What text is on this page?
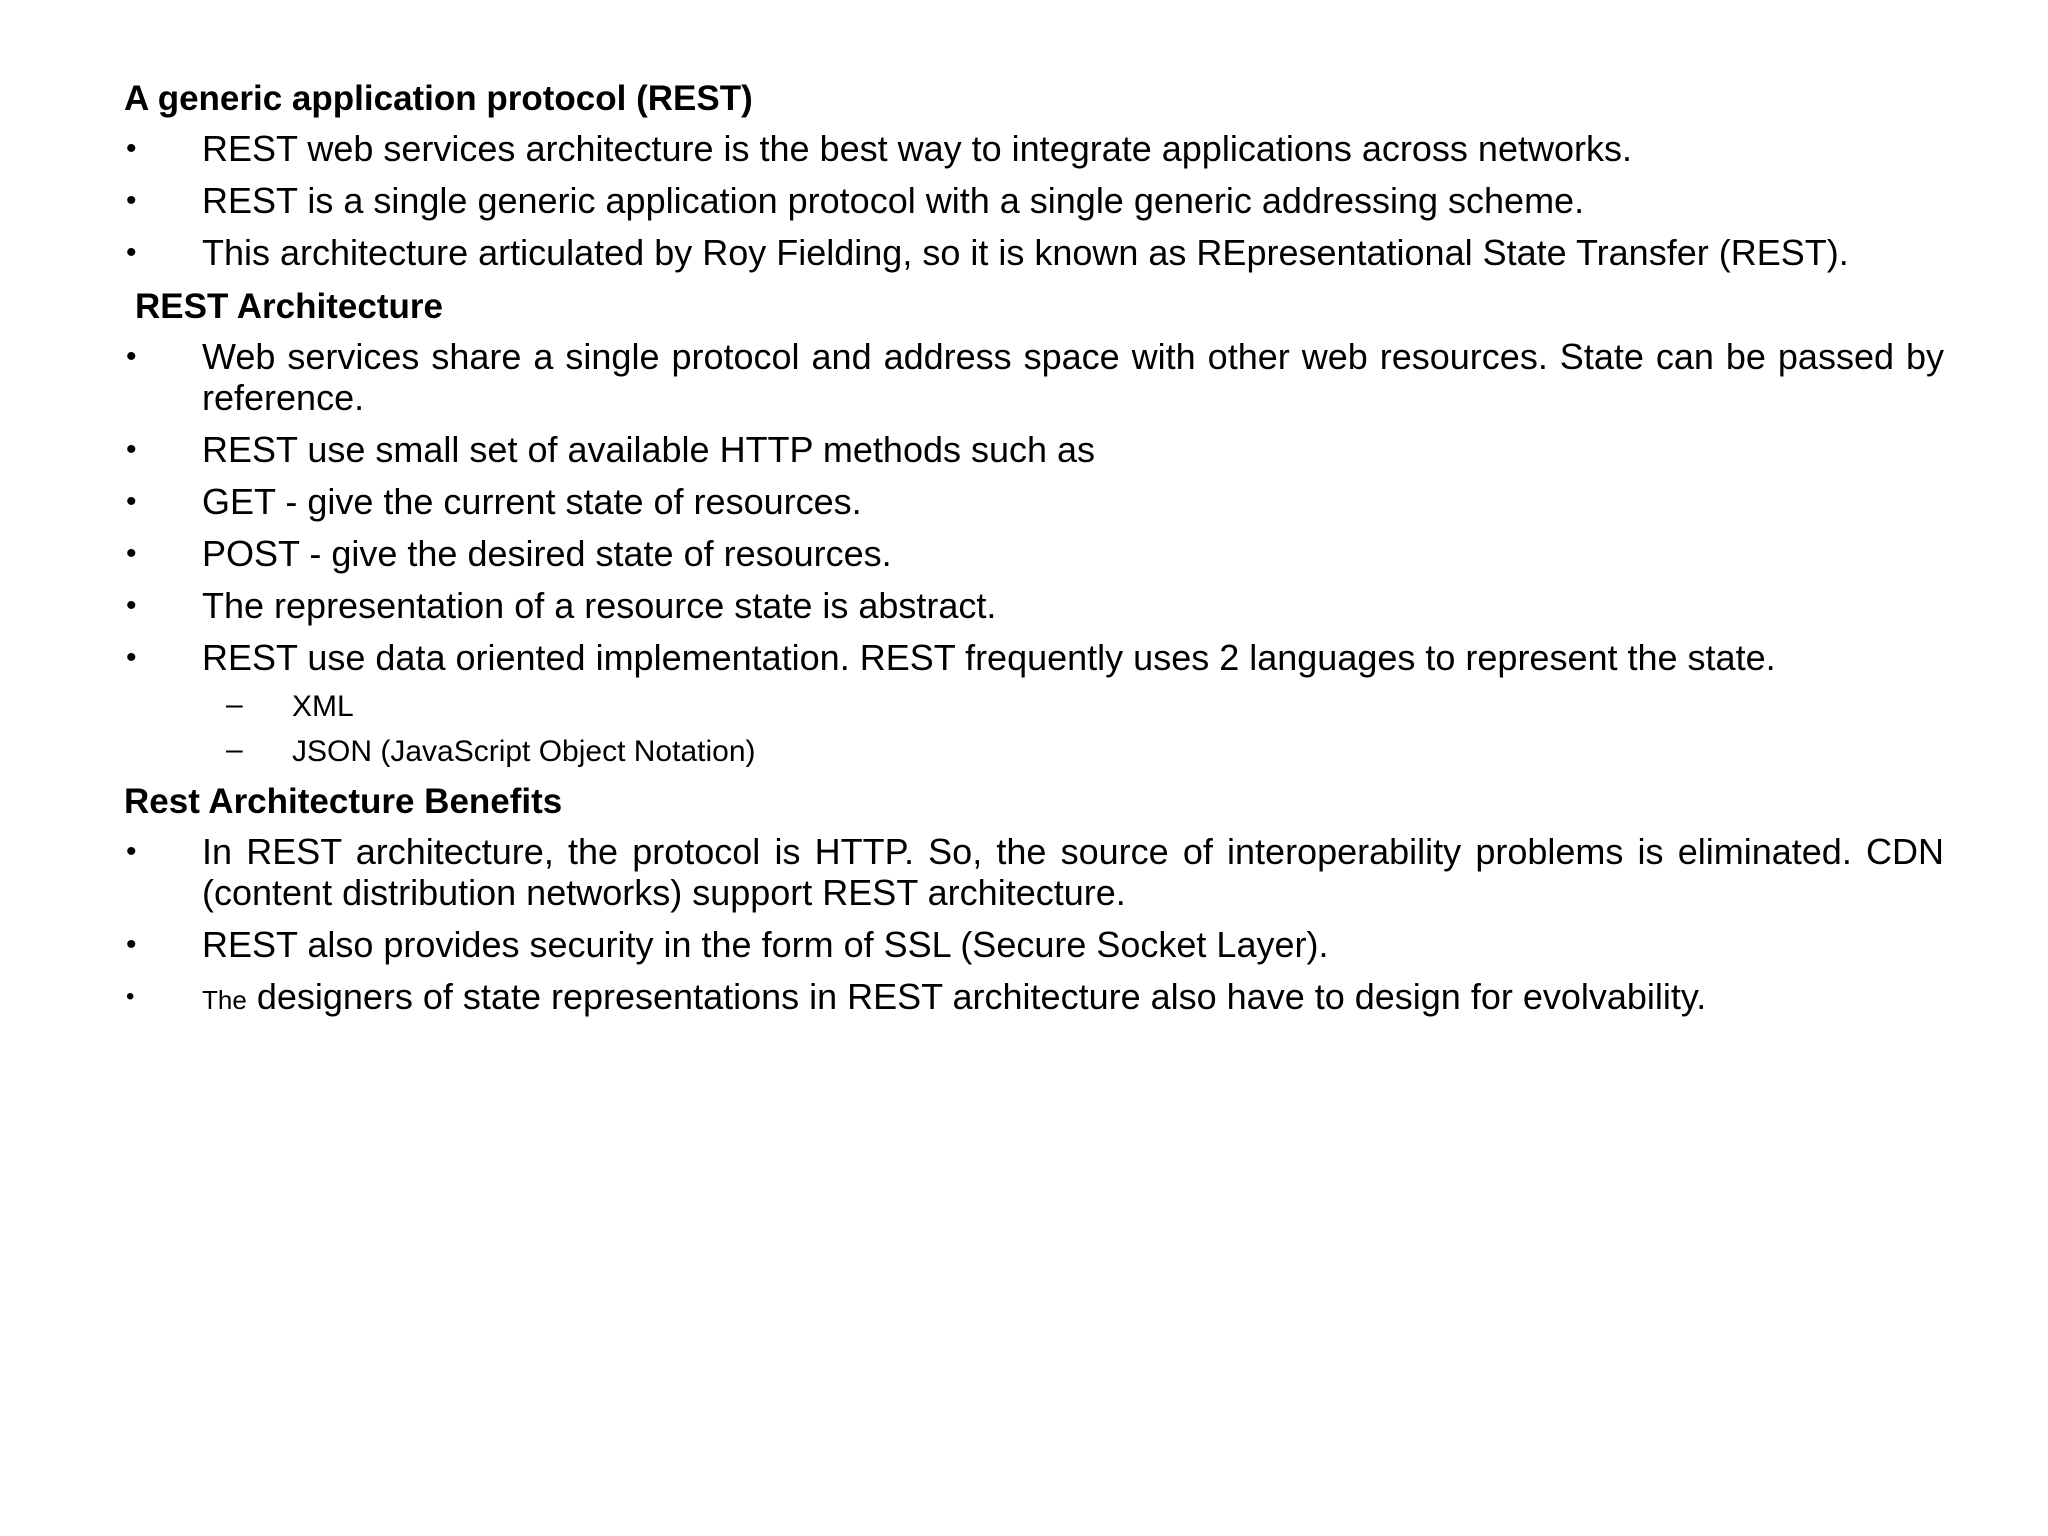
A generic application protocol (REST)
• REST web services architecture is the best way to integrate applications across networks.
• REST is a single generic application protocol with a single generic addressing scheme.
• This architecture articulated by Roy Fielding, so it is known as REpresentational State Transfer (REST).
REST Architecture
• Web services share a single protocol and address space with other web resources. State can be passed by reference.
• REST use small set of available HTTP methods such as
• GET - give the current state of resources.
• POST - give the desired state of resources.
• The representation of a resource state is abstract.
• REST use data oriented implementation. REST frequently uses 2 languages to represent the state.
– XML
– JSON (JavaScript Object Notation)
Rest Architecture Benefits
• In REST architecture, the protocol is HTTP. So, the source of interoperability problems is eliminated. CDN (content distribution networks) support REST architecture.
• REST also provides security in the form of SSL (Secure Socket Layer).
•	The designers of state representations in REST architecture also have to design for evolvability.
